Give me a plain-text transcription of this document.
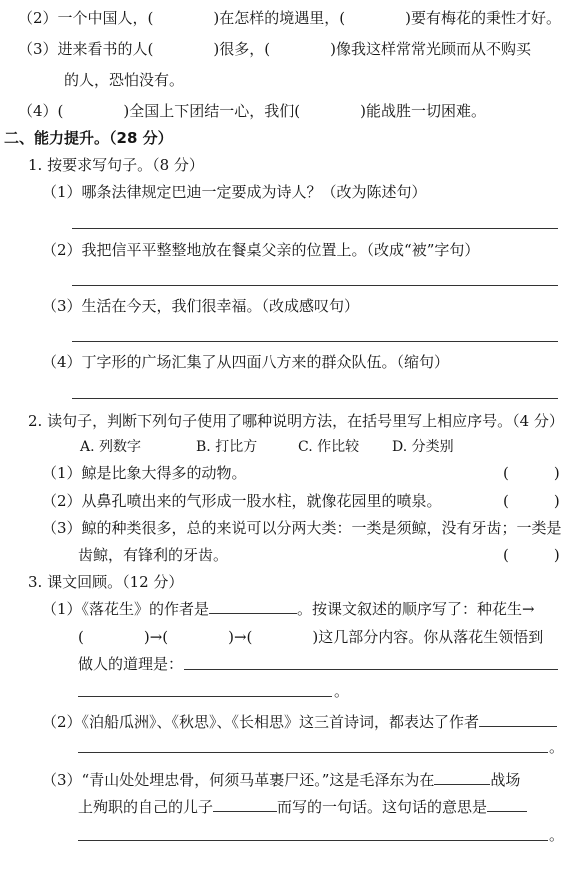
（2）一个中国人，(　　　　)在怎样的境遇里，(　　　　)要有梅花的秉性才好。
（3）进来看书的人(　　　　)很多，(　　　　)像我这样常常光顾而从不购买
的人，恐怕没有。
（4）(　　　　)全国上下团结一心，我们(　　　　)能战胜一切困难。
二、能力提升。（28 分）
1. 按要求写句子。（8 分）
（1）哪条法律规定巴迪一定要成为诗人？（改为陈述句）
（2）我把信平平整整地放在餐桌父亲的位置上。（改成“被”字句）
（3）生活在今天，我们很幸福。（改成感叹句）
（4）丁字形的广场汇集了从四面八方来的群众队伍。（缩句）
2. 读句子，判断下列句子使用了哪种说明方法，在括号里写上相应序号。（4 分）
A. 列数字	B. 打比方	C. 作比较 D. 分类别
（1）鲸是比象大得多的动物。	(　　　)
（2）从鼻孔喷出来的气形成一股水柱，就像花园里的喷泉。	(　　　)
（3）鲸的种类很多，总的来说可以分两大类：一类是须鲸，没有牙齿；一类是
齿鲸，有锋利的牙齿。	(　　　)
3. 课文回顾。（12 分）
（1）《落花生》的作者是	。按课文叙述的顺序写了：种花生→
(　　　　)→(　　　　)→(　　　　)这几部分内容。你从落花生领悟到
做人的道理是：
。
（2）《泊船瓜洲》、《秋思》、《长相思》这三首诗词，都表达了作者
。
（3）“青山处处埋忠骨，何须马革裹尸还。”这是毛泽东为在	战场
上殉职的自己的儿子	而写的一句话。这句话的意思是
。
